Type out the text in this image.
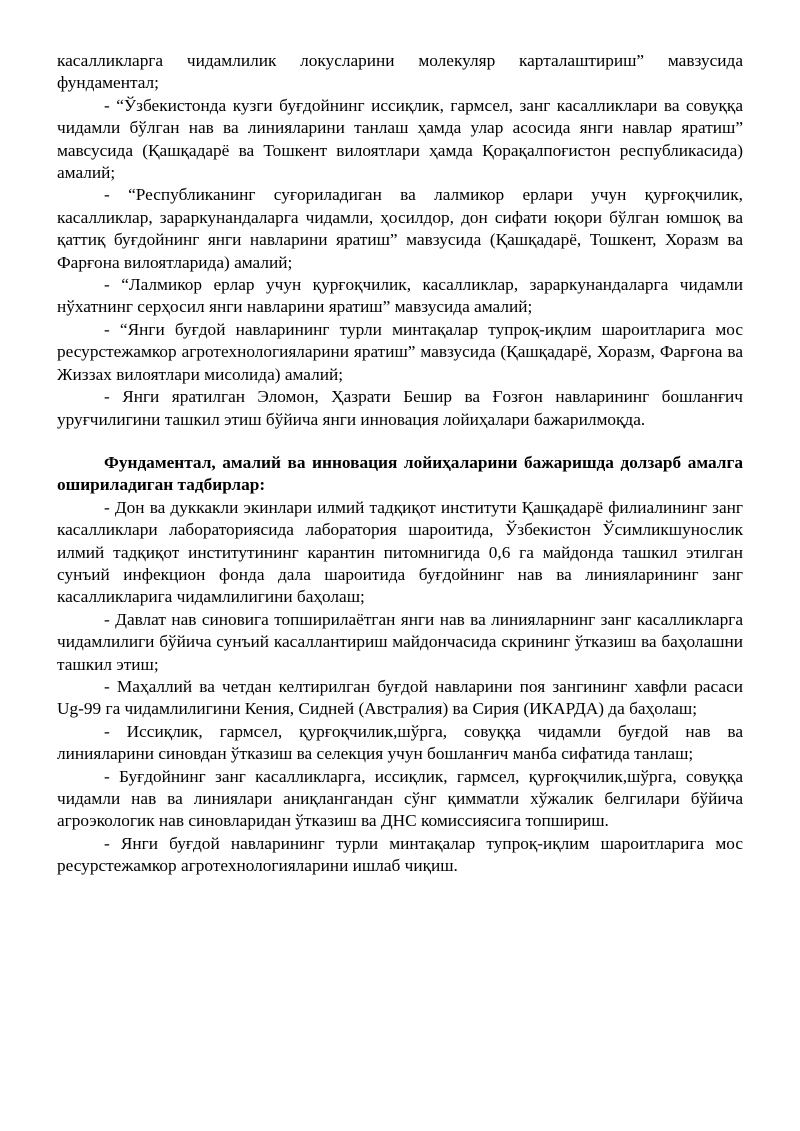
касалликларга чидамлилик локусларини молекуляр карталаштириш” мавзусида фундаментал;

- “Ўзбекистонда кузги буғдойнинг иссиқлик, гармсел, занг касалликлари ва совуққа чидамли бўлган нав ва линияларини танлаш ҳамда улар асосида янги навлар яратиш” мавсусида (Қашқадарё ва Тошкент вилоятлари ҳамда Қорақалпоғистон республикасида) амалий;

- “Республиканинг суғориладиган ва лалмикор ерлари учун қурғоқчилик, касалликлар, зараркунандаларга чидамли, ҳосилдор, дон сифати юқори бўлган юмшоқ ва қаттиқ буғдойнинг янги навларини яратиш” мавзусида (Қашқадарё, Тошкент, Хоразм ва Фарғона вилоятларида) амалий;

- “Лалмикор ерлар учун қурғоқчилик, касалликлар, зараркунандаларга чидамли нўхатнинг серҳосил янги навларини яратиш” мавзусида амалий;

- “Янги буғдой навларининг турли минтақалар тупроқ-иқлим шароитларига мос ресурстежамкор агротехнологияларини яратиш” мавзусида (Қашқадарё, Хоразм, Фарғона ва Жиззах вилоятлари мисолида) амалий;

- Янги яратилган Эломон, Ҳазрати Бешир ва Ғозғон навларининг бошланғич уруғчилигини ташкил этиш бўйича янги инновация лойиҳалари бажарилмоқда.

Фундаментал, амалий ва инновация лойиҳаларини бажаришда долзарб амалга ошириладиган тадбирлар:

- Дон ва дуккакли экинлари илмий тадқиқот институти Қашқадарё филиалининг занг касалликлари лабораториясида лаборатория шароитида, Ўзбекистон Ўсимликшунослик илмий тадқиқот институтининг карантин питомнигида 0,6 га майдонда ташкил этилган сунъий инфекцион фонда дала шароитида буғдойнинг нав ва линияларининг занг касалликларига чидамлилигини баҳолаш;

- Давлат нав синовига топширилаётган янги нав ва линияларнинг занг касалликларга чидамлилиги бўйича сунъий касаллантириш майдончасида скрининг ўтказиш ва баҳолашни ташкил этиш;

- Маҳаллий ва четдан келтирилган буғдой навларини поя зангининг хавфли расаси Ug-99 га чидамлилигини Кения, Сидней (Австралия) ва Сирия (ИКАРДА) да баҳолаш;

- Иссиқлик, гармсел, қурғоқчилик,шўрга, совуққа чидамли буғдой нав ва линияларини синовдан ўтказиш ва селекция учун бошланғич манба сифатида танлаш;

- Буғдойнинг занг касалликларга, иссиқлик, гармсел, қурғоқчилик,шўрга, совуққа чидамли нав ва линиялари аниқлангандан сўнг қимматли хўжалик белгилари бўйича агроэкологик нав синовларидан ўтказиш ва ДНС комиссиясига топшириш.

- Янги буғдой навларининг турли минтақалар тупроқ-иқлим шароитларига мос ресурстежамкор агротехнологияларини ишлаб чиқиш.
